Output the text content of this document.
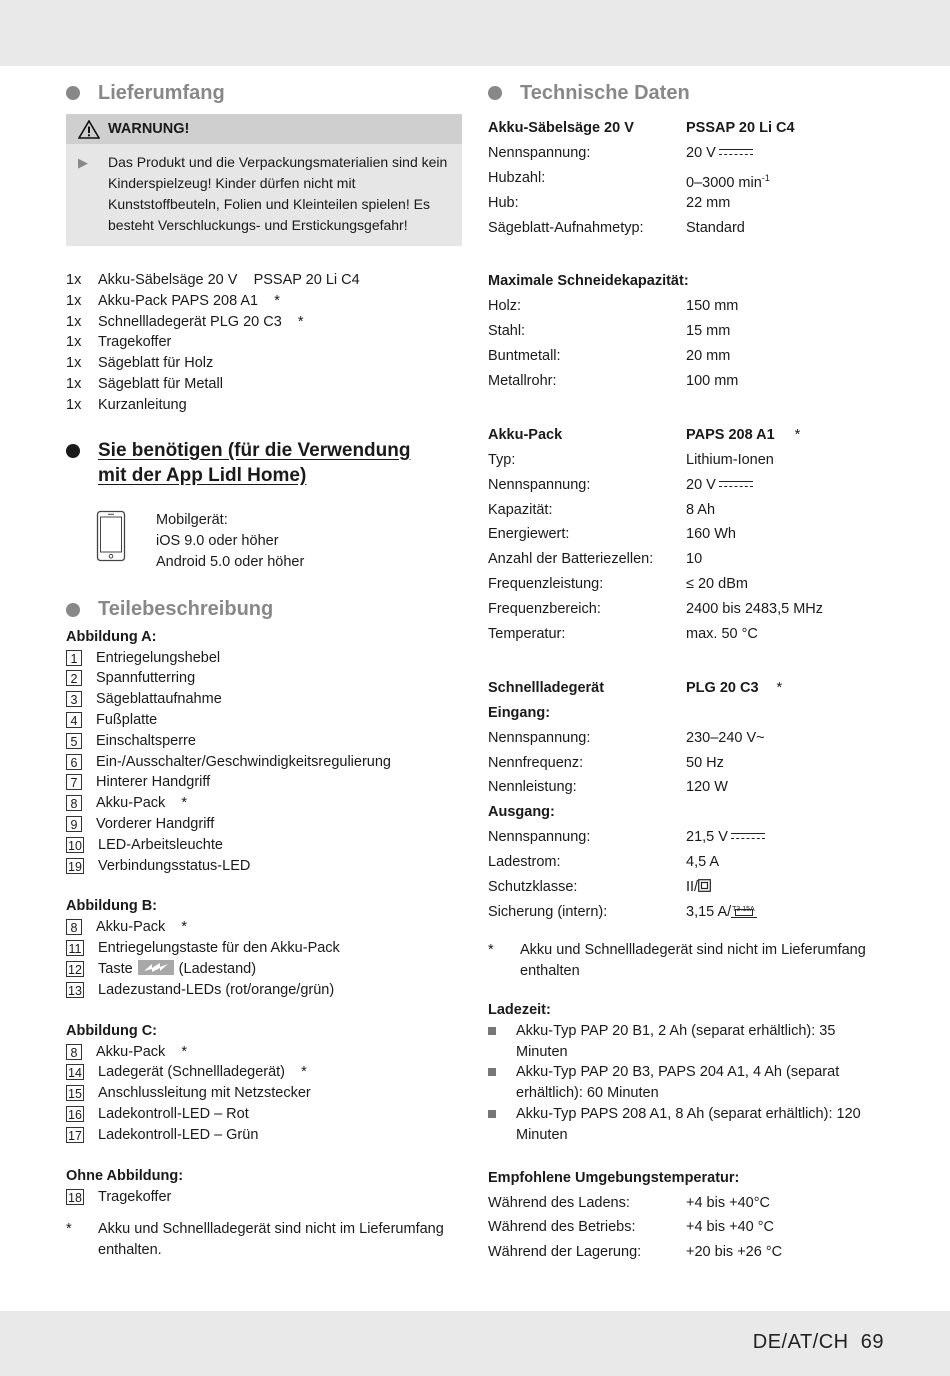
DE/AT/CH 69
Lieferumfang
WARNUNG!
▶	Das Produkt und die Verpackungsmaterialien sind kein Kinderspielzeug! Kinder dürfen nicht mit Kunststoffbeuteln, Folien und Kleinteilen spielen! Es besteht Verschluckungs- und Erstickungsgefahr!
1x	Akku-Säbelsäge 20 V    PSSAP 20 Li C4
1x	Akku-Pack PAPS 208 A1    *
1x	Schnellladegerät PLG 20 C3    *
1x	Tragekoffer
1x	Sägeblatt für Holz
1x	Sägeblatt für Metall
1x	Kurzanleitung
Sie benötigen (für die Verwendung
mit der App Lidl Home)
Mobilgerät:
iOS 9.0 oder höher
Android 5.0 oder höher
Teilebeschreibung
Abbildung A:
1	Entriegelungshebel
2	Spannfutterring
3	Sägeblattaufnahme
4	Fußplatte
5	Einschaltsperre
6	Ein-/Ausschalter/Geschwindigkeitsregulierung
7	Hinterer Handgriff
8	Akku-Pack    *
9	Vorderer Handgriff
10 LED-Arbeitsleuchte
19 Verbindungsstatus-LED
Abbildung B:
8	Akku-Pack    *
11 Entriegelungstaste für den Akku-Pack
12 Taste	(Ladestand)
13 Ladezustand-LEDs (rot/orange/grün)
Abbildung C:
8	Akku-Pack    *
14 Ladegerät (Schnellladegerät)    *
15 Anschlussleitung mit Netzstecker
16 Ladekontroll-LED – Rot
17 Ladekontroll-LED – Grün
Ohne Abbildung:
18 Tragekoffer
*	Akku und Schnellladegerät sind nicht im Lieferumfang enthalten.
Technische Daten
Akku-Säbelsäge 20 V	PSSAP 20 Li C4
Nennspannung:	20 V
Hubzahl:	0–3000 $\min^{-1}$
Hub:	22 mm
Sägeblatt-Aufnahmetyp:	Standard
Maximale Schneidekapazität:
Holz:	150 mm
Stahl:	15 mm
Buntmetall:	20 mm
Metallrohr:	100 mm
Akku-Pack	PAPS 208 A1 *
Typ:	Lithium-Ionen
Nennspannung:	20 V
Kapazität:	8 Ah
Energiewert:	160 Wh
Anzahl der Batteriezellen:	10
Frequenzleistung:	≤ 20 dBm
Frequenzbereich:	2400 bis 2483,5 MHz
Temperatur:	max. 50 °C
Schnellladegerät	PLG 20 C3 *
Eingang:
Nennspannung:	230–240 V~
Nennfrequenz:	50 Hz
Nennleistung:	120 W
Ausgang:
Nennspannung:	21,5 V
Ladestrom:	4,5 A
Schutzklasse:	II/
Sicherung (intern):	3,15 A/ T3.15A
*	Akku und Schnellladegerät sind nicht im Lieferumfang enthalten
Ladezeit:
Akku-Typ PAP 20 B1, 2 Ah (separat erhältlich): 35 Minuten
Akku-Typ PAP 20 B3, PAPS 204 A1, 4 Ah (separat erhältlich): 60 Minuten
Akku-Typ PAPS 208 A1, 8 Ah (separat erhältlich): 120 Minuten
Empfohlene Umgebungstemperatur:
Während des Ladens:	+4 bis +40°C
Während des Betriebs:	+4 bis +40 °C
Während der Lagerung:	+20 bis +26 °C
